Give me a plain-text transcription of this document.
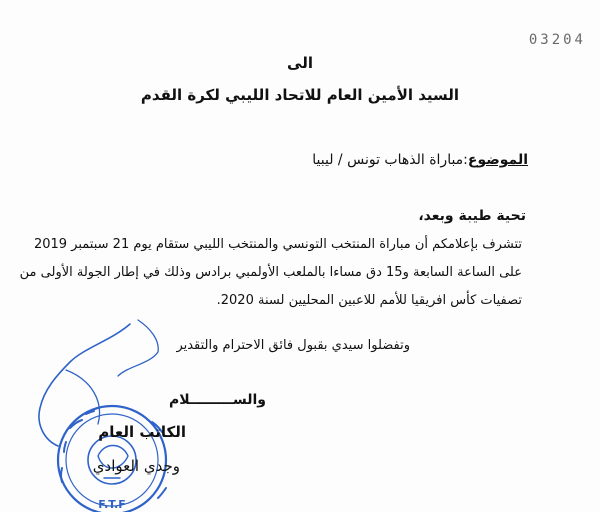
03204
الى
السيد الأمين العام للاتحاد الليبي لكرة القدم
الموضوع:مباراة الذهاب تونس / ليبيا
تحية طيبة وبعد،
تتشرف بإعلامكم أن مباراة المنتخب التونسي والمنتخب الليبي ستقام يوم 21 سبتمبر 2019
على الساعة السابعة و15 دق مساءا بالملعب الأولمبي برادس وذلك في إطار الجولة الأولى من
تصفيات كأس افريقيا للأمم للاعبين المحليين لسنة 2020.
وتفضلوا سيدي بقبول فائق الاحترام والتقدير
F.T.F
والســـــــــلام
الكاتب العام
وجدي العوادي
